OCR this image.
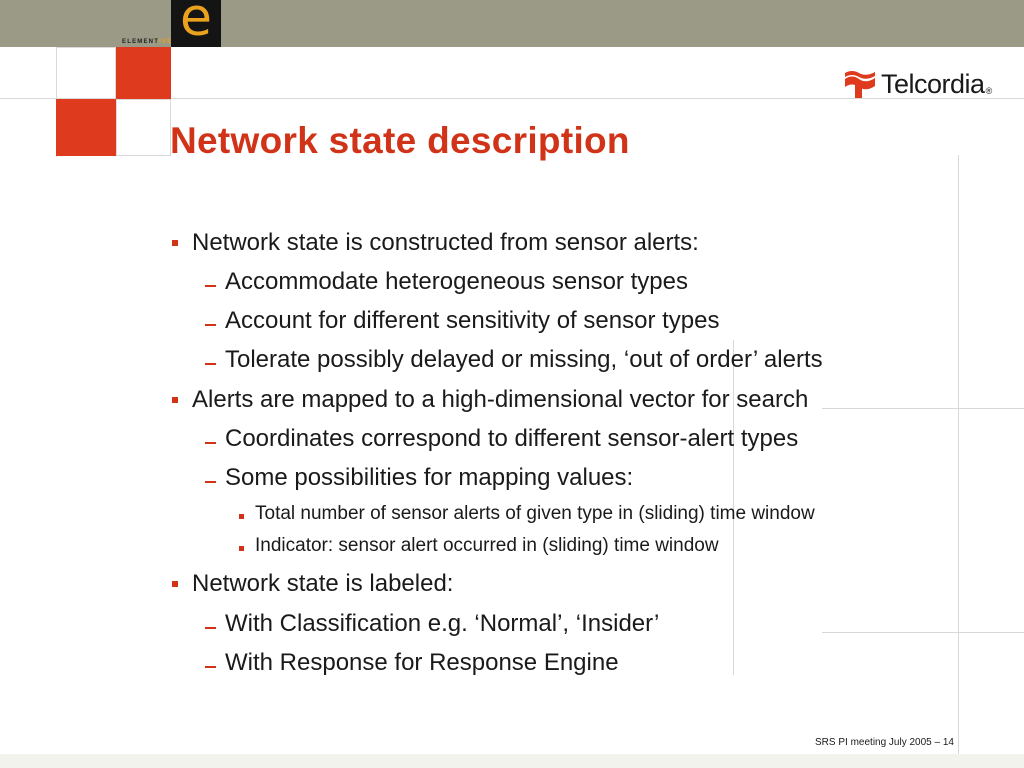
e
ELEMENTIVE
Telcordia ®
Network state description
Network state is constructed from sensor alerts:
Accommodate heterogeneous sensor types
Account for different sensitivity of sensor types
Tolerate possibly delayed or missing, ‘out of order’ alerts
Alerts are mapped to a high-dimensional vector for search
Coordinates correspond to different sensor-alert types
Some possibilities for mapping values:
Total number of sensor alerts of given type in (sliding) time window
Indicator: sensor alert occurred in (sliding) time window
Network state is labeled:
With Classification e.g. ‘Normal’, ‘Insider’
With Response for Response Engine
SRS PI meeting July 2005 – 14
